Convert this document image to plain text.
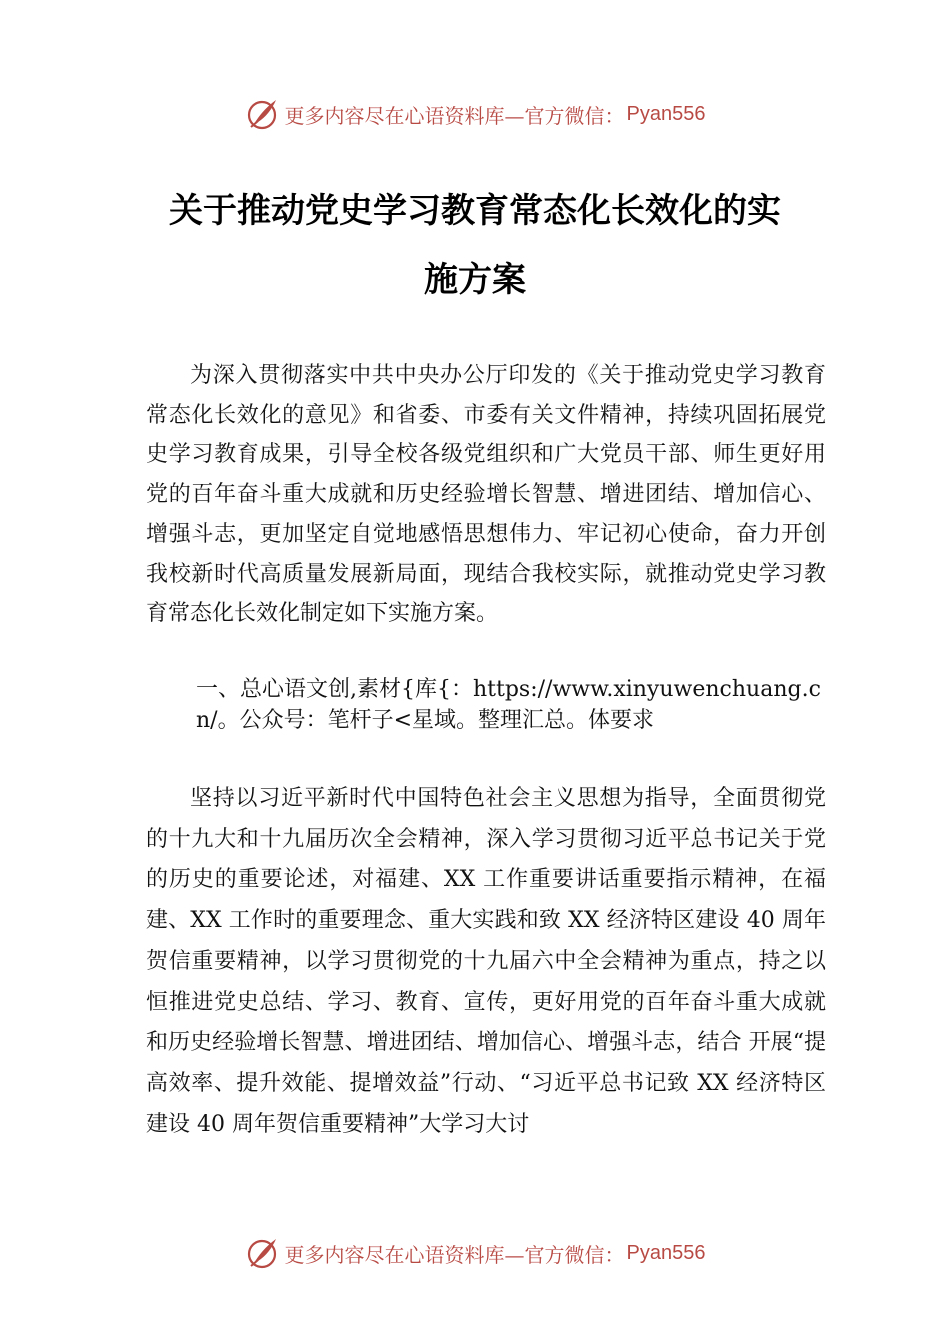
更多内容尽在心语资料库—官方微信： Pyan556
关于推动党史学习教育常态化长效化的实
施方案

为深入贯彻落实中共中央办公厅印发的《关于推动党史学习教育常态化长效化的意见》和省委、市委有关文件精神，持续巩固拓展党史学习教育成果，引导全校各级党组织和广大党员干部、师生更好用党的百年奋斗重大成就和历史经验增长智慧、增进团结、增加信心、增强斗志，更加坚定自觉地感悟思想伟力、牢记初心使命，奋力开创我校新时代高质量发展新局面，现结合我校实际，就推动党史学习教育常态化长效化制定如下实施方案。

一、总心语文创,素材{库{：https://www.xinyuwenchuang.cn/。公众号：笔杆子<星域。整理汇总。体要求

坚持以习近平新时代中国特色社会主义思想为指导，全面贯彻党的十九大和十九届历次全会精神，深入学习贯彻习近平总书记关于党的历史的重要论述，对福建、XX 工作重要讲话重要指示精神，在福建、XX 工作时的重要理念、重大实践和致 XX 经济特区建设 40 周年贺信重要精神，以学习贯彻党的十九届六中全会精神为重点，持之以恒推进党史总结、学习、教育、宣传，更好用党的百年奋斗重大成就和历史经验增长智慧、增进团结、增加信心、增强斗志，结合 开展“提高效率、提升效能、提增效益”行动、“习近平总书记致 XX 经济特区建设 40 周年贺信重要精神”大学习大讨

更多内容尽在心语资料库—官方微信： Pyan556
